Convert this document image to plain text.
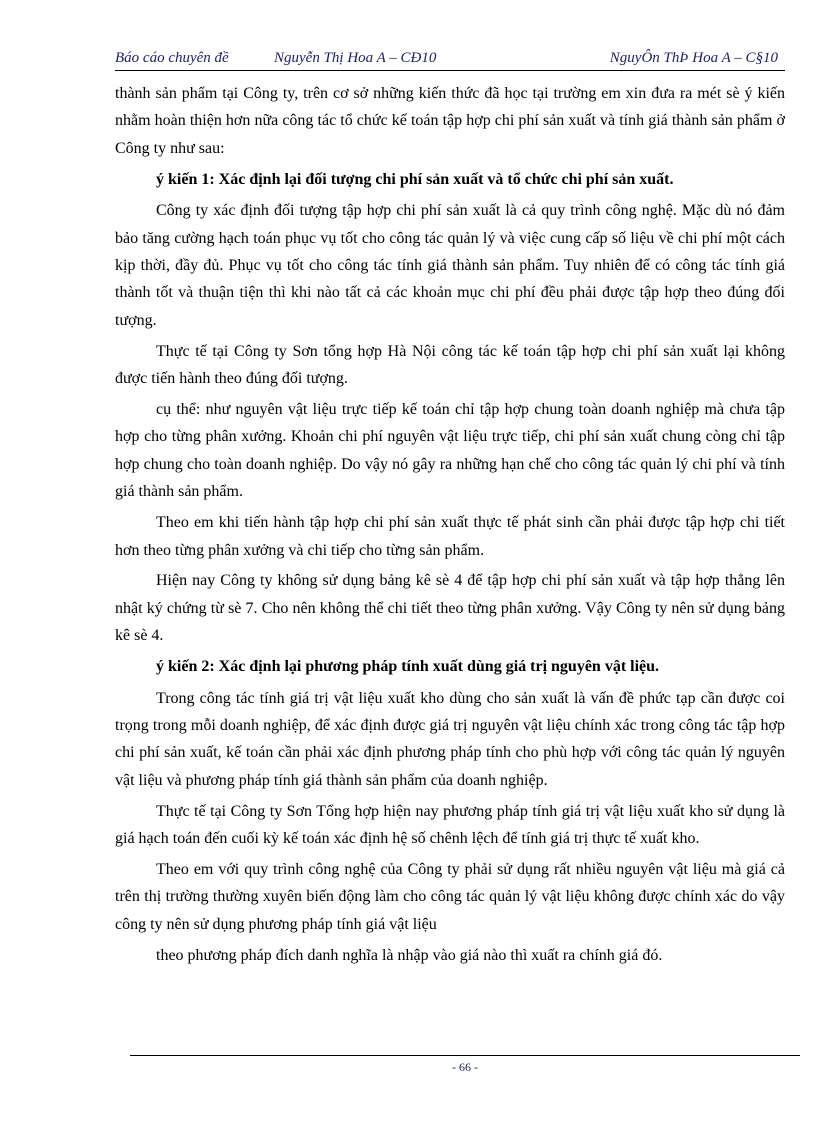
Báo cáo chuyên đề	Nguyễn Thị Hoa A – CĐ10	NguyÔn ThÞ Hoa A – C§10

thành sản phẩm tại Công ty, trên cơ sở những kiến thức đã học tại trường em xin đưa ra mét sè ý kiến nhằm hoàn thiện hơn nữa công tác tổ chức kế toán tập hợp chi phí sản xuất và tính giá thành sản phẩm ở Công ty như sau:

ý kiến 1: Xác định lại đối tượng chi phí sản xuất và tổ chức chi phí sản xuất.

Công ty xác định đối tượng tập hợp chi phí sản xuất là cả quy trình công nghệ. Mặc dù nó đảm bảo tăng cường hạch toán phục vụ tốt cho công tác quản lý và việc cung cấp số liệu về chi phí một cách kịp thời, đầy đủ. Phục vụ tốt cho công tác tính giá thành sản phẩm. Tuy nhiên để có công tác tính giá thành tốt và thuận tiện thì khi nào tất cả các khoản mục chi phí đều phải được tập hợp theo đúng đối tượng.

Thực tế tại Công ty Sơn tổng hợp Hà Nội công tác kế toán tập hợp chi phí sản xuất lại không được tiến hành theo đúng đối tượng.

cụ thể: như nguyên vật liệu trực tiếp kế toán chỉ tập hợp chung toàn doanh nghiệp mà chưa tập hợp cho từng phân xưởng. Khoản chi phí nguyên vật liệu trực tiếp, chi phí sản xuất chung còng chỉ tập hợp chung cho toàn doanh nghiệp. Do vậy nó gây ra những hạn chế cho công tác quản lý chi phí và tính giá thành sản phẩm.

Theo em khi tiến hành tập hợp chi phí sản xuất thực tế phát sinh cần phải được tập hợp chi tiết hơn theo từng phân xưởng và chi tiếp cho từng sản phẩm.

Hiện nay Công ty không sử dụng bảng kê sè 4 để tập hợp chi phí sản xuất và tập hợp thẳng lên nhật ký chứng từ sè 7. Cho nên không thể chi tiết theo từng phân xưởng. Vậy Công ty nên sử dụng bảng kê sè 4.

ý kiến 2: Xác định lại phương pháp tính xuất dùng giá trị nguyên vật liệu.

Trong công tác tính giá trị vật liệu xuất kho dùng cho sản xuất là vấn đề phức tạp cần được coi trọng trong mỗi doanh nghiệp, để xác định được giá trị nguyên vật liệu chính xác trong công tác tập hợp chi phí sản xuất, kế toán cần phải xác định phương pháp tính cho phù hợp với công tác quản lý nguyên vật liệu và phương pháp tính giá thành sản phẩm của doanh nghiệp.

Thực tế tại Công ty Sơn Tổng hợp hiện nay phương pháp tính giá trị vật liệu xuất kho sử dụng là giá hạch toán đến cuối kỳ kế toán xác định hệ số chênh lệch để tính giá trị thực tế xuất kho.

Theo em với quy trình công nghệ của Công ty phải sử dụng rất nhiều nguyên vật liệu mà giá cả trên thị trường thường xuyên biến động làm cho công tác quản lý vật liệu không được chính xác do vậy công ty nên sử dụng phương pháp tính giá vật liệu

theo phương pháp đích danh nghĩa là nhập vào giá nào thì xuất ra chính giá đó.

- 66 -
